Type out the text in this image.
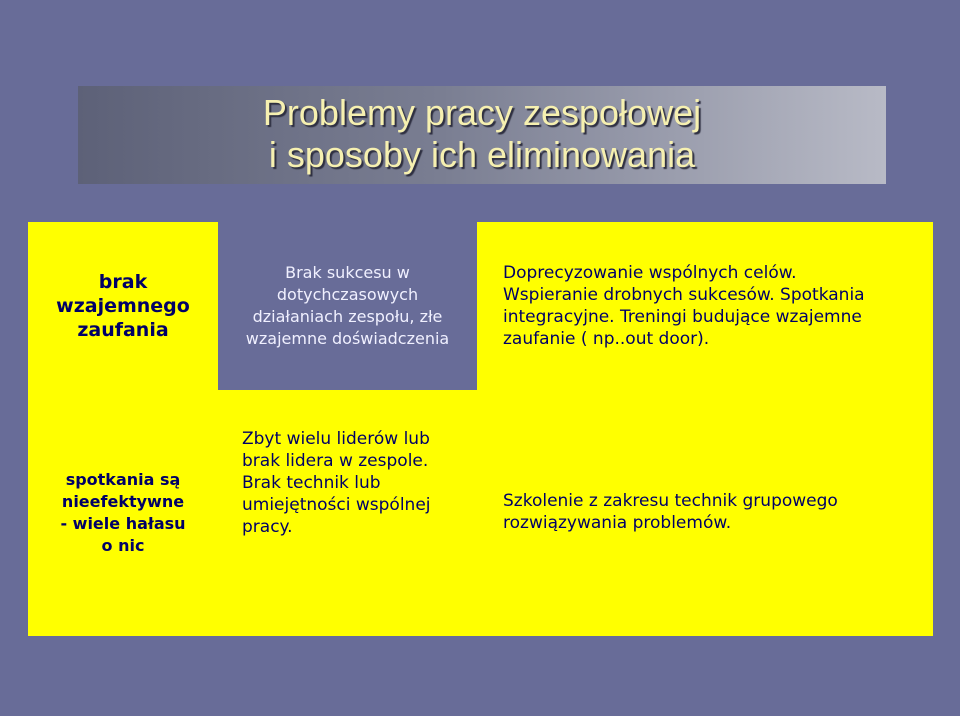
Problemy pracy zespołowej
i sposoby ich eliminowania
brak
wzajemnego
zaufania
Brak sukcesu w
dotychczasowych
działaniach zespołu, złe
wzajemne doświadczenia
Doprecyzowanie wspólnych celów.
Wspieranie drobnych sukcesów. Spotkania
integracyjne. Treningi budujące wzajemne
zaufanie ( np..out door).
spotkania są
nieefektywne
- wiele hałasu
o nic
Zbyt wielu liderów lub
brak lidera w zespole.
Brak technik lub
umiejętności wspólnej
pracy.
Szkolenie z zakresu technik grupowego
rozwiązywania problemów.
